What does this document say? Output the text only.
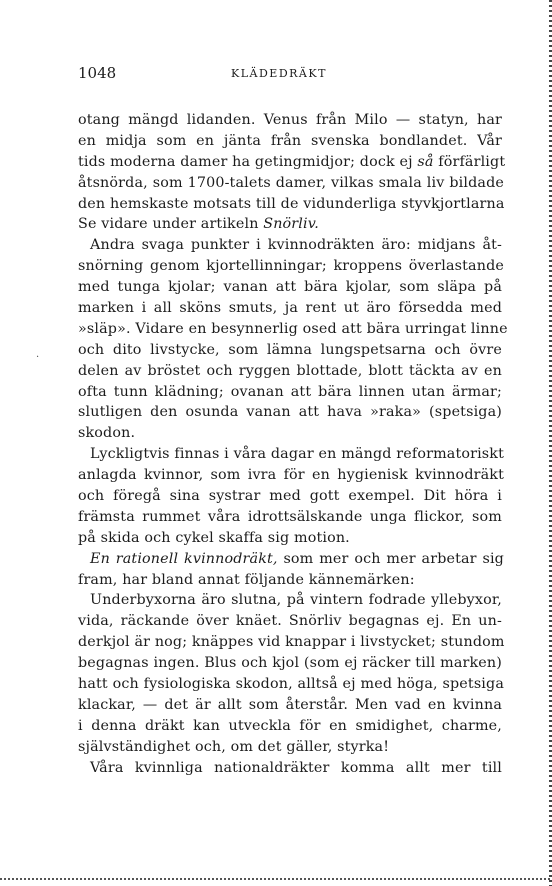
1048	KLÄDEDRÄKT
otang mängd lidanden. Venus från Milo — statyn, har
en midja som en jänta från svenska bondlandet. Vår
tids moderna damer ha getingmidjor; dock ej så förfärligt
åtsnörda, som 1700-talets damer, vilkas smala liv bildade
den hemskaste motsats till de vidunderliga styvkjortlarna
Se vidare under artikeln Snörliv.
Andra svaga punkter i kvinnodräkten äro: midjans åt-
snörning genom kjortellinningar; kroppens överlastande
med tunga kjolar; vanan att bära kjolar, som släpa på
marken i all sköns smuts, ja rent ut äro försedda med
»släp». Vidare en besynnerlig osed att bära urringat linne
och dito livstycke, som lämna lungspetsarna och övre
delen av bröstet och ryggen blottade, blott täckta av en
ofta tunn klädning; ovanan att bära linnen utan ärmar;
slutligen den osunda vanan att hava »raka» (spetsiga)
skodon.
Lyckligtvis finnas i våra dagar en mängd reformatoriskt
anlagda kvinnor, som ivra för en hygienisk kvinnodräkt
och föregå sina systrar med gott exempel. Dit höra i
främsta rummet våra idrottsälskande unga flickor, som
på skida och cykel skaffa sig motion.
En rationell kvinnodräkt, som mer och mer arbetar sig
fram, har bland annat följande kännemärken:
Underbyxorna äro slutna, på vintern fodrade yllebyxor,
vida, räckande över knäet. Snörliv begagnas ej. En un-
derkjol är nog; knäppes vid knappar i livstycket; stundom
begagnas ingen. Blus och kjol (som ej räcker till marken)
hatt och fysiologiska skodon, alltså ej med höga, spetsiga
klackar, — det är allt som återstår. Men vad en kvinna
i denna dräkt kan utveckla för en smidighet, charme,
självständighet och, om det gäller, styrka!
Våra kvinnliga nationaldräkter komma allt mer till
·
